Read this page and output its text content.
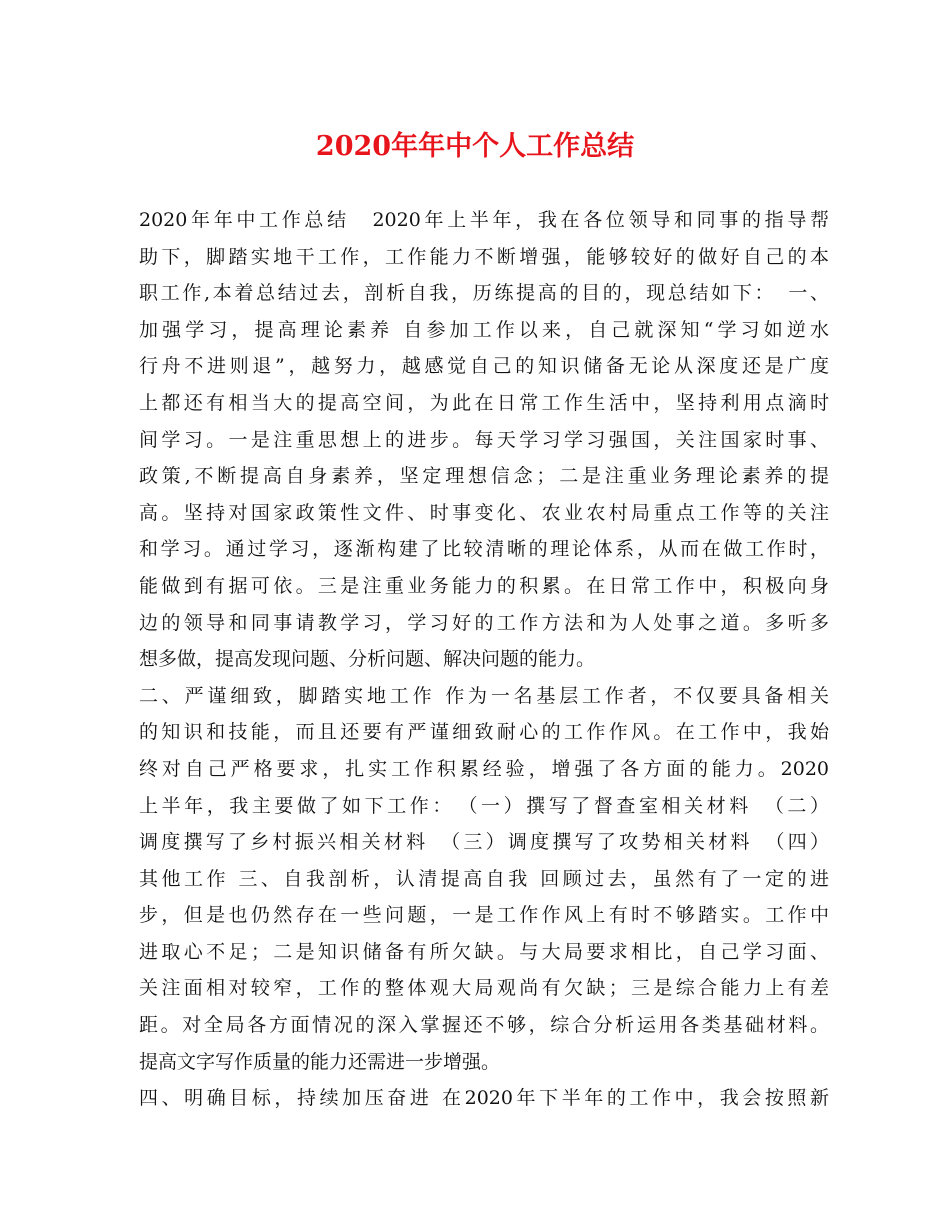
2020年年中个人工作总结
2020年年中工作总结　2020年上半年，我在各位领导和同事的指导帮
助下，脚踏实地干工作，工作能力不断增强，能够较好的做好自己的本
职工作,本着总结过去，剖析自我，历练提高的目的，现总结如下：　一、
加强学习，提高理论素养 自参加工作以来，自己就深知“学习如逆水
行舟不进则退”，越努力，越感觉自己的知识储备无论从深度还是广度
上都还有相当大的提高空间，为此在日常工作生活中，坚持利用点滴时
间学习。一是注重思想上的进步。每天学习学习强国，关注国家时事、
政策,不断提高自身素养，坚定理想信念；二是注重业务理论素养的提
高。坚持对国家政策性文件、时事变化、农业农村局重点工作等的关注
和学习。通过学习，逐渐构建了比较清晰的理论体系，从而在做工作时，
能做到有据可依。三是注重业务能力的积累。在日常工作中，积极向身
边的领导和同事请教学习，学习好的工作方法和为人处事之道。多听多
想多做，提高发现问题、分析问题、解决问题的能力。
二、严谨细致，脚踏实地工作 作为一名基层工作者，不仅要具备相关
的知识和技能，而且还要有严谨细致耐心的工作作风。在工作中，我始
终对自己严格要求，扎实工作积累经验，增强了各方面的能力。2020
上半年，我主要做了如下工作：　（一）撰写了督查室相关材料　（二）
调度撰写了乡村振兴相关材料　（三）调度撰写了攻势相关材料　（四）
其他工作 三、自我剖析，认清提高自我 回顾过去，虽然有了一定的进
步，但是也仍然存在一些问题，一是工作作风上有时不够踏实。工作中
进取心不足；二是知识储备有所欠缺。与大局要求相比，自己学习面、
关注面相对较窄，工作的整体观大局观尚有欠缺；三是综合能力上有差
距。对全局各方面情况的深入掌握还不够，综合分析运用各类基础材料。
提高文字写作质量的能力还需进一步增强。
四、明确目标，持续加压奋进 在2020年下半年的工作中，我会按照新
